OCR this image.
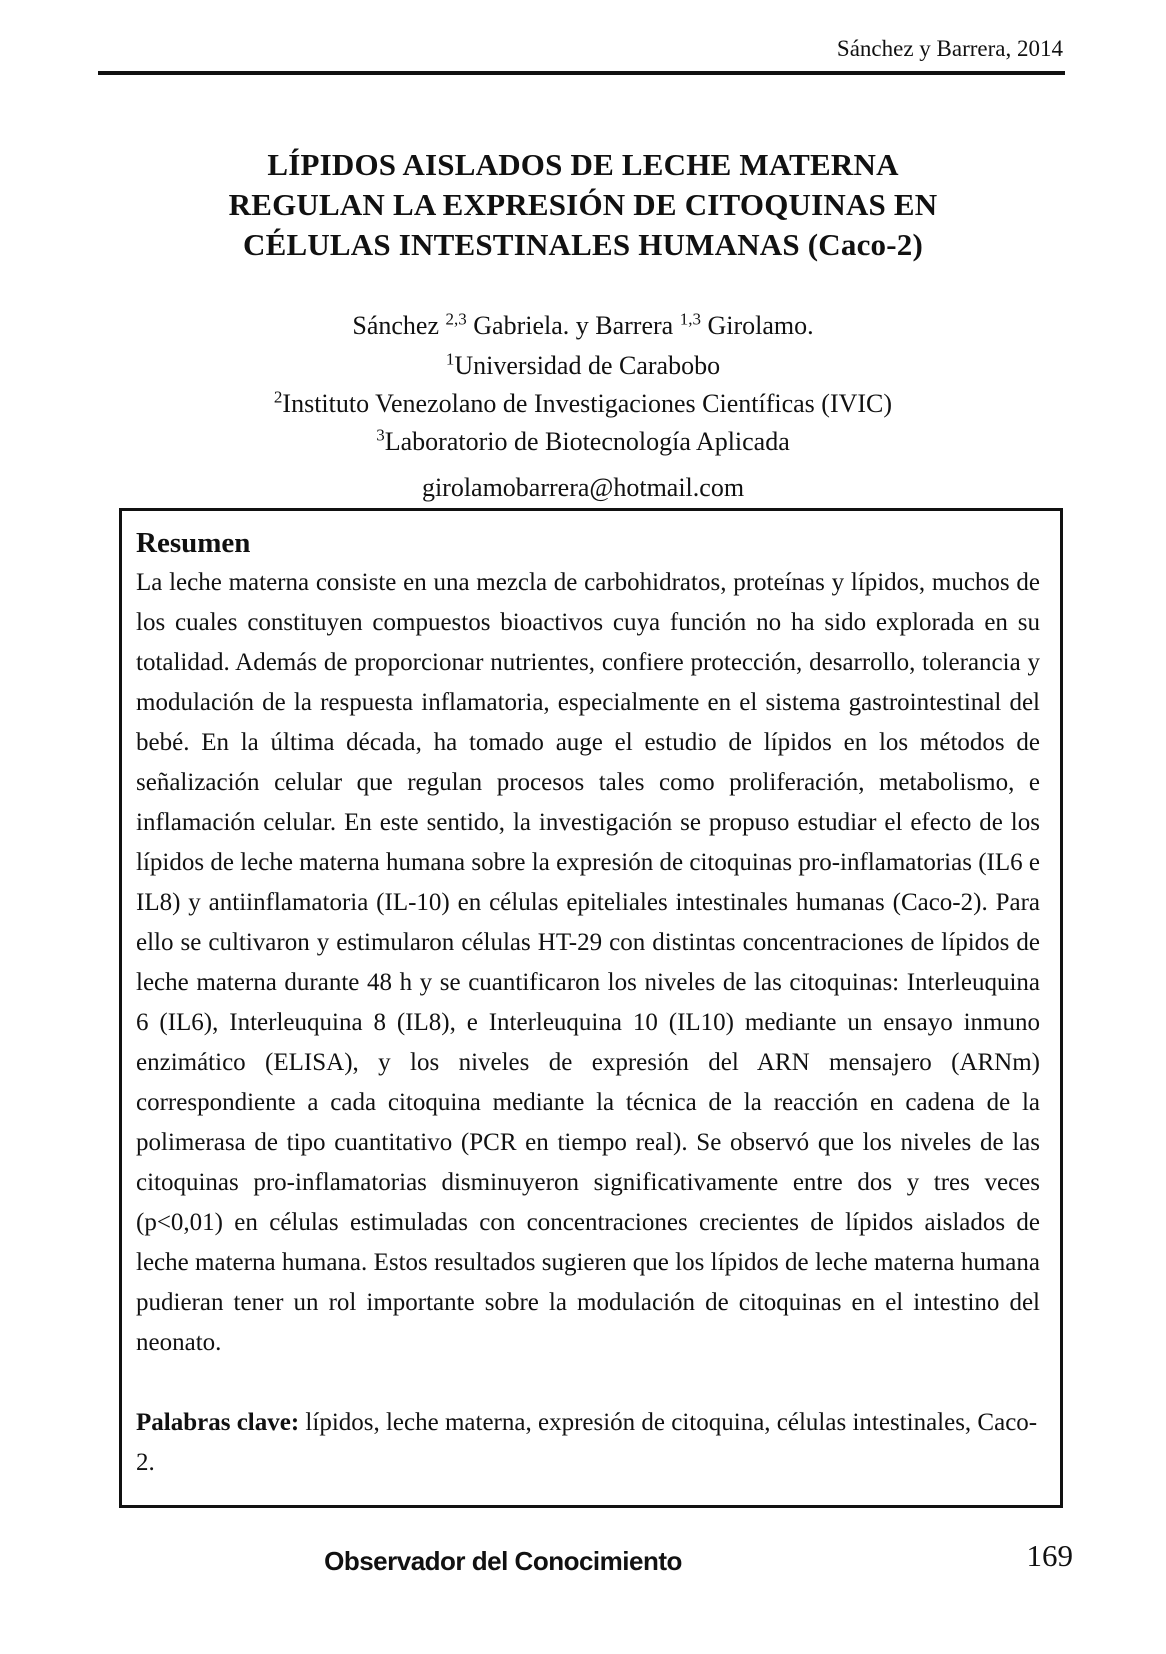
Sánchez y Barrera, 2014
LÍPIDOS AISLADOS DE LECHE MATERNA
REGULAN LA EXPRESIÓN DE CITOQUINAS EN
CÉLULAS INTESTINALES HUMANAS (Caco-2)

Sánchez $^{2,3}$ Gabriela. y Barrera $^{1,3}$ Girolamo.

$^1$Universidad de Carabobo

$^2$Instituto Venezolano de Investigaciones Científicas (IVIC)

$^3$Laboratorio de Biotecnología Aplicada

girolamobarrera@hotmail.com

Resumen

La leche materna consiste en una mezcla de carbohidratos, proteínas y lípidos, muchos de los cuales constituyen compuestos bioactivos cuya función no ha sido explorada en su totalidad. Además de proporcionar nutrientes, confiere protección, desarrollo, tolerancia y modulación de la respuesta inflamatoria, especialmente en el sistema gastrointestinal del bebé. En la última década, ha tomado auge el estudio de lípidos en los métodos de señalización celular que regulan procesos tales como proliferación, metabolismo, e inflamación celular. En este sentido, la investigación se propuso estudiar el efecto de los lípidos de leche materna humana sobre la expresión de citoquinas pro-inflamatorias (IL6 e IL8) y antiinflamatoria (IL-10) en células epiteliales intestinales humanas (Caco-2). Para ello se cultivaron y estimularon células HT-29 con distintas concentraciones de lípidos de leche materna durante 48 h y se cuantificaron los niveles de las citoquinas: Interleuquina 6 (IL6), Interleuquina 8 (IL8), e Interleuquina 10 (IL10) mediante un ensayo inmuno enzimático (ELISA), y los niveles de expresión del ARN mensajero (ARNm) correspondiente a cada citoquina mediante la técnica de la reacción en cadena de la polimerasa de tipo cuantitativo (PCR en tiempo real). Se observó que los niveles de las citoquinas pro-inflamatorias disminuyeron significativamente entre dos y tres veces (p<0,01) en células estimuladas con concentraciones crecientes de lípidos aislados de leche materna humana. Estos resultados sugieren que los lípidos de leche materna humana pudieran tener un rol importante sobre la modulación de citoquinas en el intestino del neonato.

Palabras clave: lípidos, leche materna, expresión de citoquina, células intestinales, Caco-2.

Observador del Conocimiento	169
